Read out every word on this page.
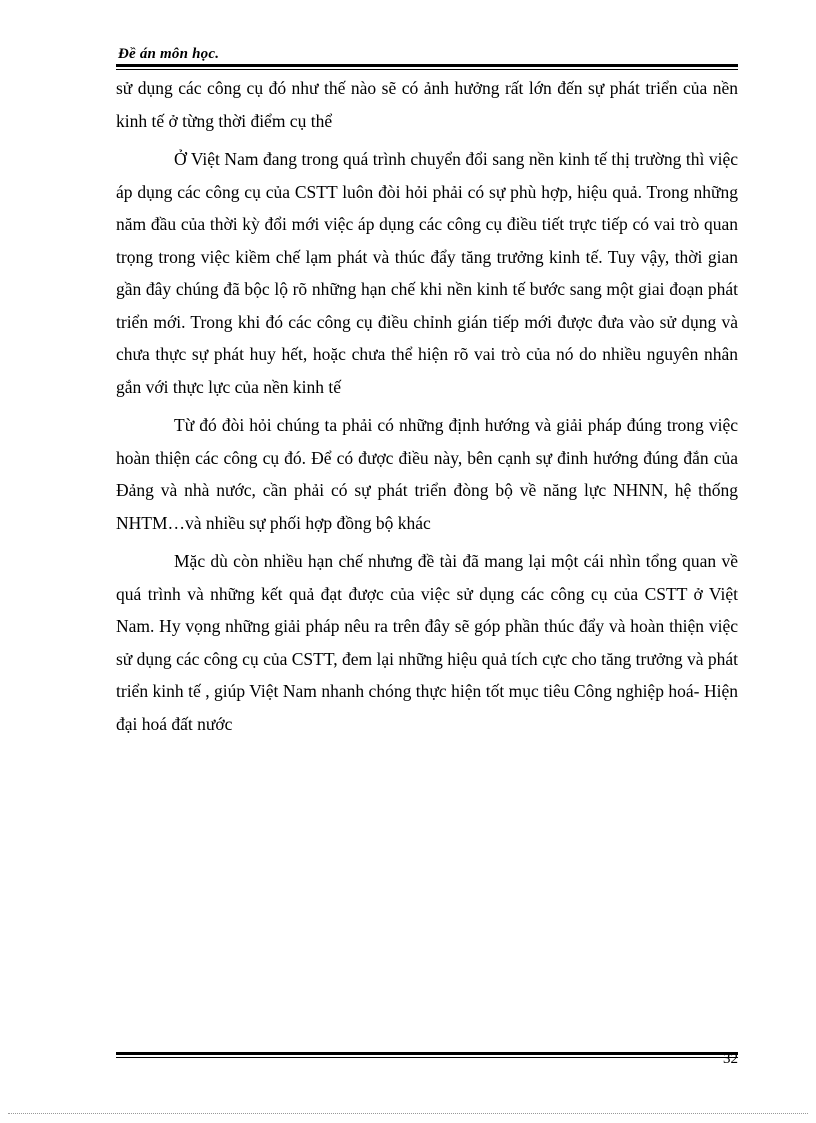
Đề án môn học.

sử dụng các công cụ đó như thế nào sẽ có ảnh hưởng rất lớn đến sự phát triển của nền kinh tế ở từng thời điểm cụ thể

Ở Việt Nam đang trong quá trình chuyển đổi sang nền kinh tế thị trường thì việc áp dụng các công cụ của CSTT luôn đòi hỏi phải có sự phù hợp, hiệu quả. Trong những năm đầu của thời kỳ đổi mới việc áp dụng các công cụ điều tiết trực tiếp có vai trò quan trọng trong việc kiềm chế lạm phát và thúc đẩy tăng trưởng kinh tế. Tuy vậy, thời gian gần đây chúng đã bộc lộ rõ những hạn chế khi nền kinh tế bước sang một giai đoạn phát triển mới. Trong khi đó các công cụ điều chỉnh gián tiếp mới được đưa vào sử dụng và chưa thực sự phát huy hết, hoặc chưa thể hiện rõ vai trò của nó do nhiều nguyên nhân gắn với thực lực của nền kinh tế

Từ đó đòi hỏi chúng ta phải có những định hướng và giải pháp đúng trong việc hoàn thiện các công cụ đó. Để có được điều này, bên cạnh sự đinh hướng đúng đắn của Đảng và nhà nước, cần phải có sự phát triển đòng bộ về năng lực NHNN, hệ thống NHTM…và nhiều sự phối hợp đồng bộ khác

Mặc dù còn nhiều hạn chế nhưng đề tài đã mang lại một cái nhìn tổng quan về quá trình và những kết quả đạt được của việc sử dụng các công cụ của CSTT ở Việt Nam. Hy vọng những giải pháp nêu ra trên đây sẽ góp phần thúc đẩy và hoàn thiện việc sử dụng các công cụ của CSTT, đem lại những hiệu quả tích cực cho tăng trưởng và phát triển kinh tế , giúp Việt Nam nhanh chóng thực hiện tốt mục tiêu Công nghiệp hoá- Hiện đại hoá đất nước

32
